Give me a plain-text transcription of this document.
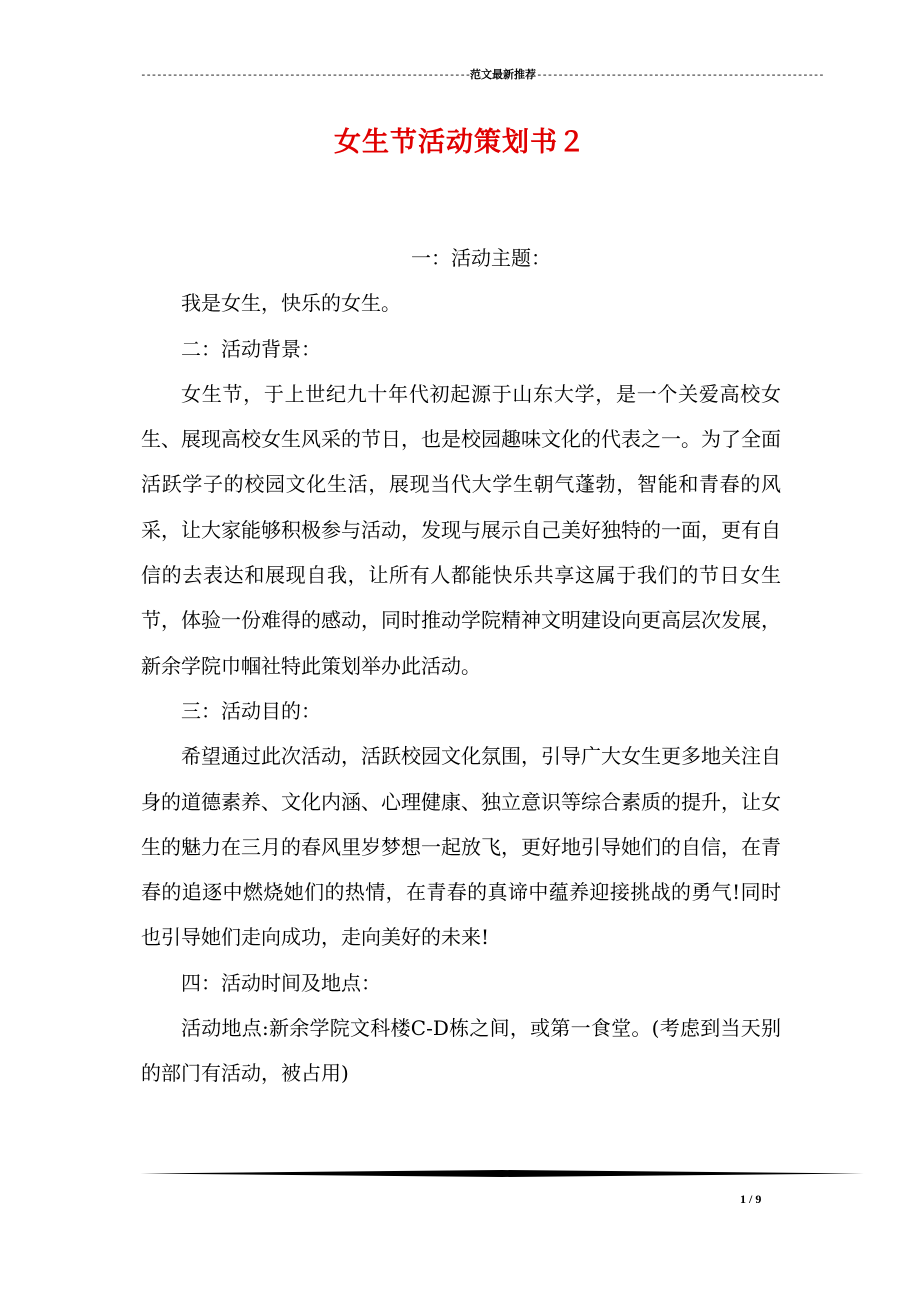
--------------------------------------------------------------范文最新推荐------------------------------------------------------
女生节活动策划书２

一：活动主题：

我是女生，快乐的女生。

二：活动背景：

女生节，于上世纪九十年代初起源于山东大学，是一个关爱高校女生、展现高校女生风采的节日，也是校园趣味文化的代表之一。为了全面活跃学子的校园文化生活，展现当代大学生朝气蓬勃，智能和青春的风采，让大家能够积极参与活动，发现与展示自己美好独特的一面，更有自信的去表达和展现自我，让所有人都能快乐共享这属于我们的节日女生节，体验一份难得的感动，同时推动学院精神文明建设向更高层次发展，新余学院巾帼社特此策划举办此活动。

三：活动目的：

希望通过此次活动，活跃校园文化氛围，引导广大女生更多地关注自身的道德素养、文化内涵、心理健康、独立意识等综合素质的提升，让女生的魅力在三月的春风里岁梦想一起放飞，更好地引导她们的自信，在青春的追逐中燃烧她们的热情，在青春的真谛中蕴养迎接挑战的勇气!同时也引导她们走向成功，走向美好的未来!

四：活动时间及地点：

活动地点:新余学院文科楼C-D栋之间，或第一食堂。(考虑到当天别的部门有活动，被占用)

1 / 9
